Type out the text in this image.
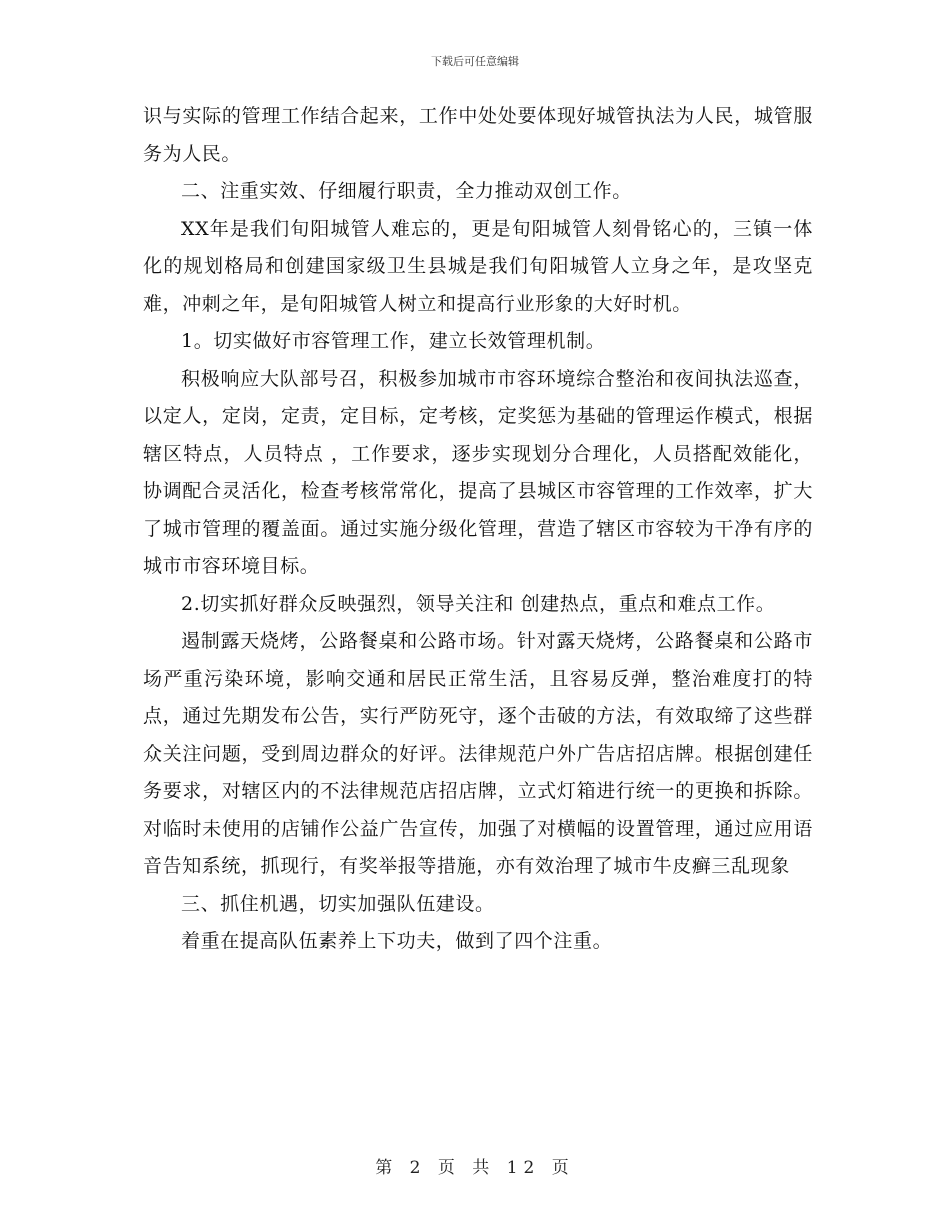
下载后可任意编辑

识与实际的管理工作结合起来，工作中处处要体现好城管执法为人民，城管服务为人民。

二、注重实效、仔细履行职责，全力推动双创工作。

XX年是我们旬阳城管人难忘的，更是旬阳城管人刻骨铭心的，三镇一体化的规划格局和创建国家级卫生县城是我们旬阳城管人立身之年，是攻坚克难，冲刺之年，是旬阳城管人树立和提高行业形象的大好时机。

1。切实做好市容管理工作，建立长效管理机制。

积极响应大队部号召，积极参加城市市容环境综合整治和夜间执法巡查，以定人，定岗，定责，定目标，定考核，定奖惩为基础的管理运作模式，根据辖区特点，人员特点 ，工作要求，逐步实现划分合理化，人员搭配效能化，协调配合灵活化，检查考核常常化，提高了县城区市容管理的工作效率，扩大了城市管理的覆盖面。通过实施分级化管理，营造了辖区市容较为干净有序的城市市容环境目标。

2.切实抓好群众反映强烈，领导关注和 创建热点，重点和难点工作。

遏制露天烧烤，公路餐桌和公路市场。针对露天烧烤，公路餐桌和公路市场严重污染环境，影响交通和居民正常生活，且容易反弹，整治难度打的特点，通过先期发布公告，实行严防死守，逐个击破的方法，有效取缔了这些群众关注问题，受到周边群众的好评。法律规范户外广告店招店牌。根据创建任务要求，对辖区内的不法律规范店招店牌，立式灯箱进行统一的更换和拆除。对临时未使用的店铺作公益广告宣传，加强了对横幅的设置管理，通过应用语音告知系统，抓现行，有奖举报等措施，亦有效治理了城市牛皮癣三乱现象

三、抓住机遇，切实加强队伍建设。

着重在提高队伍素养上下功夫，做到了四个注重。

第 2 页 共 12 页
